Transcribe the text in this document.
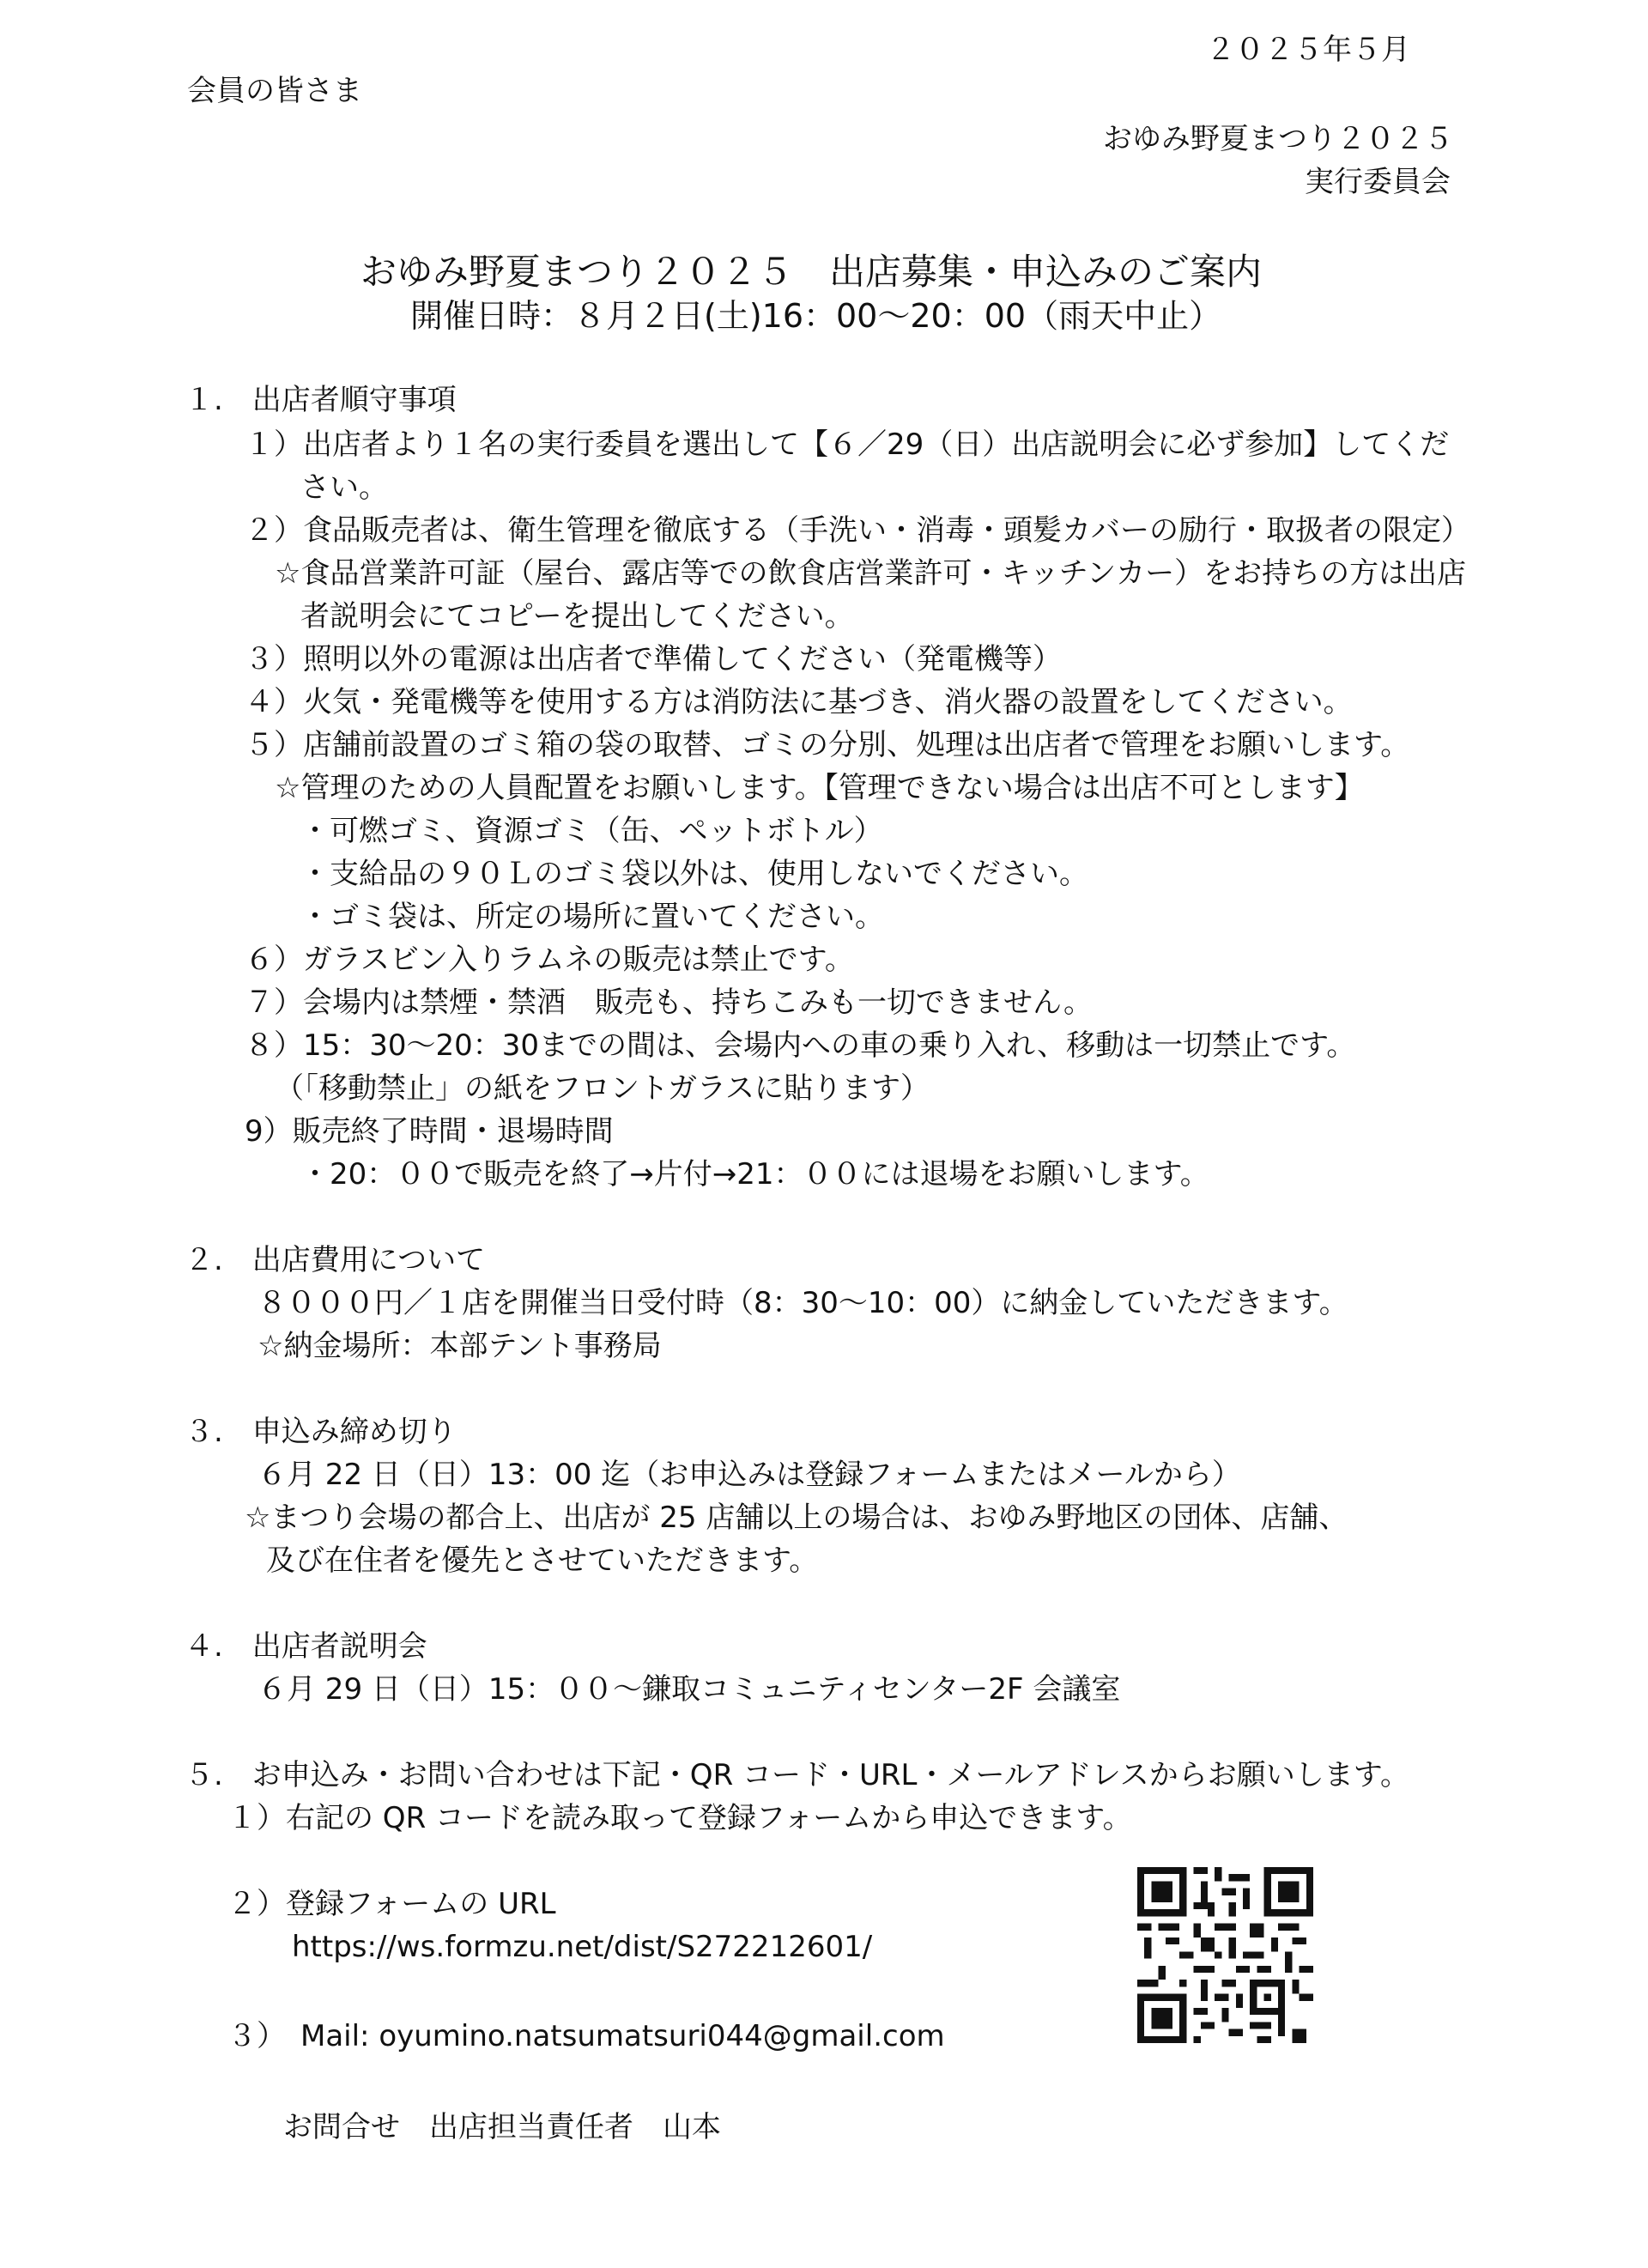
２０２５年５月
会員の皆さま
おゆみ野夏まつり２０２５
実行委員会
おゆみ野夏まつり２０２５　出店募集・申込みのご案内
開催日時：８月２日(土)16：00〜20：00（雨天中止）
１.　出店者順守事項
１）出店者より１名の実行委員を選出して【６／29（日）出店説明会に必ず参加】してくだ
さい。
２）食品販売者は、衛生管理を徹底する（手洗い・消毒・頭髪カバーの励行・取扱者の限定）
☆食品営業許可証（屋台、露店等での飲食店営業許可・キッチンカー）をお持ちの方は出店
者説明会にてコピーを提出してください。
３）照明以外の電源は出店者で準備してください（発電機等）
４）火気・発電機等を使用する方は消防法に基づき、消火器の設置をしてください。
５）店舗前設置のゴミ箱の袋の取替、ゴミの分別、処理は出店者で管理をお願いします。
☆管理のための人員配置をお願いします。【管理できない場合は出店不可とします】
・可燃ゴミ、資源ゴミ（缶、ペットボトル）
・支給品の９０Ｌのゴミ袋以外は、使用しないでください。
・ゴミ袋は、所定の場所に置いてください。
６）ガラスビン入りラムネの販売は禁止です。
７）会場内は禁煙・禁酒　販売も、持ちこみも一切できません。
８）15：30〜20：30までの間は、会場内への車の乗り入れ、移動は一切禁止です。
（「移動禁止」の紙をフロントガラスに貼ります）
9）販売終了時間・退場時間
・20：００で販売を終了→片付→21：００には退場をお願いします。
２.　出店費用について
８０００円／１店を開催当日受付時（8：30〜10：00）に納金していただきます。
☆納金場所：本部テント事務局
３.　申込み締め切り
６月 22 日（日）13：00 迄（お申込みは登録フォームまたはメールから）
☆まつり会場の都合上、出店が 25 店舗以上の場合は、おゆみ野地区の団体、店舗、
及び在住者を優先とさせていただきます。
４.　出店者説明会
６月 29 日（日）15：００〜鎌取コミュニティセンター2F 会議室
５.　お申込み・お問い合わせは下記・QR コード・URL・メールアドレスからお願いします。
１）右記の QR コードを読み取って登録フォームから申込できます。
２）登録フォームの URL
https://ws.formzu.net/dist/S272212601/
３）　Mail: oyumino.natsumatsuri044@gmail.com
お問合せ　出店担当責任者　山本
